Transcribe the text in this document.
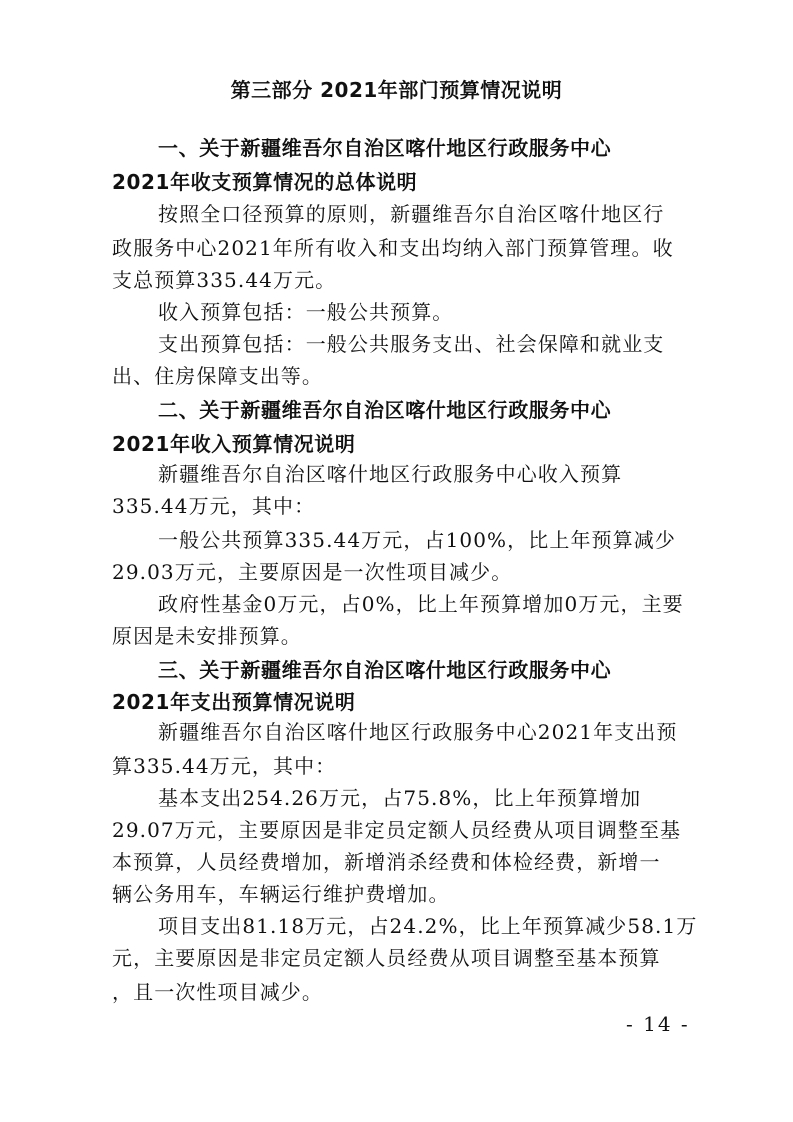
第三部分 2021年部门预算情况说明

一、关于新疆维吾尔自治区喀什地区行政服务中心

2021年收支预算情况的总体说明

按照全口径预算的原则，新疆维吾尔自治区喀什地区行

政服务中心2021年所有收入和支出均纳入部门预算管理。收

支总预算335.44万元。

收入预算包括：一般公共预算。

支出预算包括：一般公共服务支出、社会保障和就业支

出、住房保障支出等。

二、关于新疆维吾尔自治区喀什地区行政服务中心

2021年收入预算情况说明

新疆维吾尔自治区喀什地区行政服务中心收入预算

335.44万元，其中：

一般公共预算335.44万元，占100%，比上年预算减少

29.03万元，主要原因是一次性项目减少。

政府性基金0万元，占0%，比上年预算增加0万元，主要

原因是未安排预算。

三、关于新疆维吾尔自治区喀什地区行政服务中心

2021年支出预算情况说明

新疆维吾尔自治区喀什地区行政服务中心2021年支出预

算335.44万元，其中：

基本支出254.26万元，占75.8%，比上年预算增加

29.07万元，主要原因是非定员定额人员经费从项目调整至基

本预算，人员经费增加，新增消杀经费和体检经费，新增一

辆公务用车，车辆运行维护费增加。

项目支出81.18万元，占24.2%，比上年预算减少58.1万

元，主要原因是非定员定额人员经费从项目调整至基本预算

，且一次性项目减少。

- 14 -
